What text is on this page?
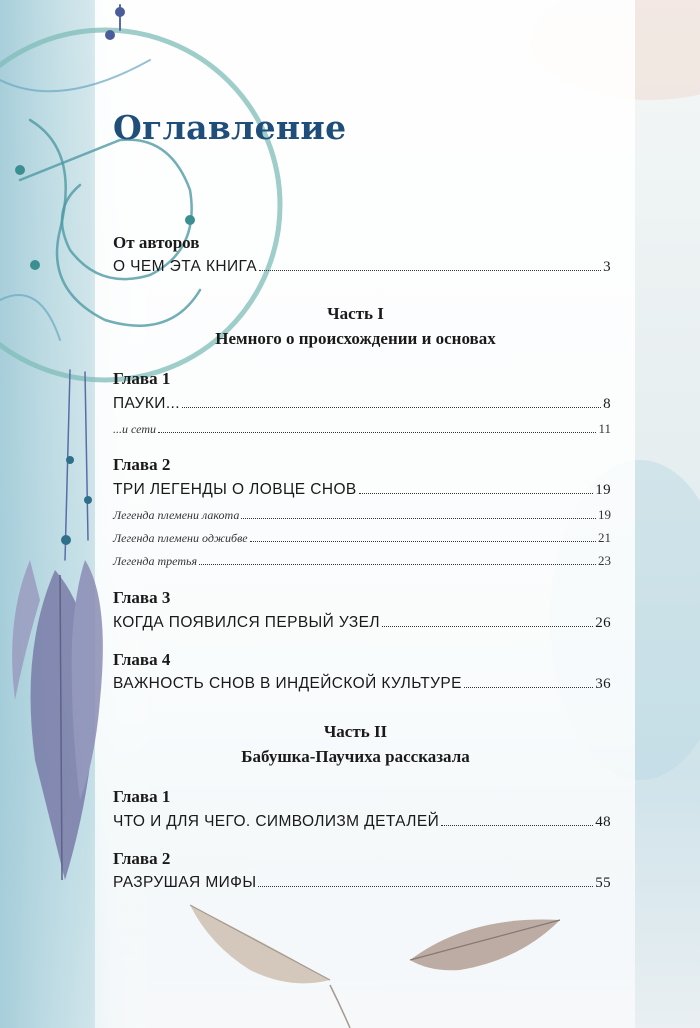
Оглавление
От авторов
О ЧЕМ ЭТА КНИГА	3
Часть I
Немного о происхождении и основах
Глава 1
ПАУКИ...	8
...и сети	11
Глава 2
ТРИ ЛЕГЕНДЫ О ЛОВЦЕ СНОВ	19
Легенда племени лакота	19
Легенда племени оджибве	21
Легенда третья	23
Глава 3
КОГДА ПОЯВИЛСЯ ПЕРВЫЙ УЗЕЛ	26
Глава 4
ВАЖНОСТЬ СНОВ В ИНДЕЙСКОЙ КУЛЬТУРЕ	36
Часть II
Бабушка-Паучиха рассказала
Глава 1
ЧТО И ДЛЯ ЧЕГО. СИМВОЛИЗМ ДЕТАЛЕЙ	48
Глава 2
РАЗРУШАЯ МИФЫ	55
